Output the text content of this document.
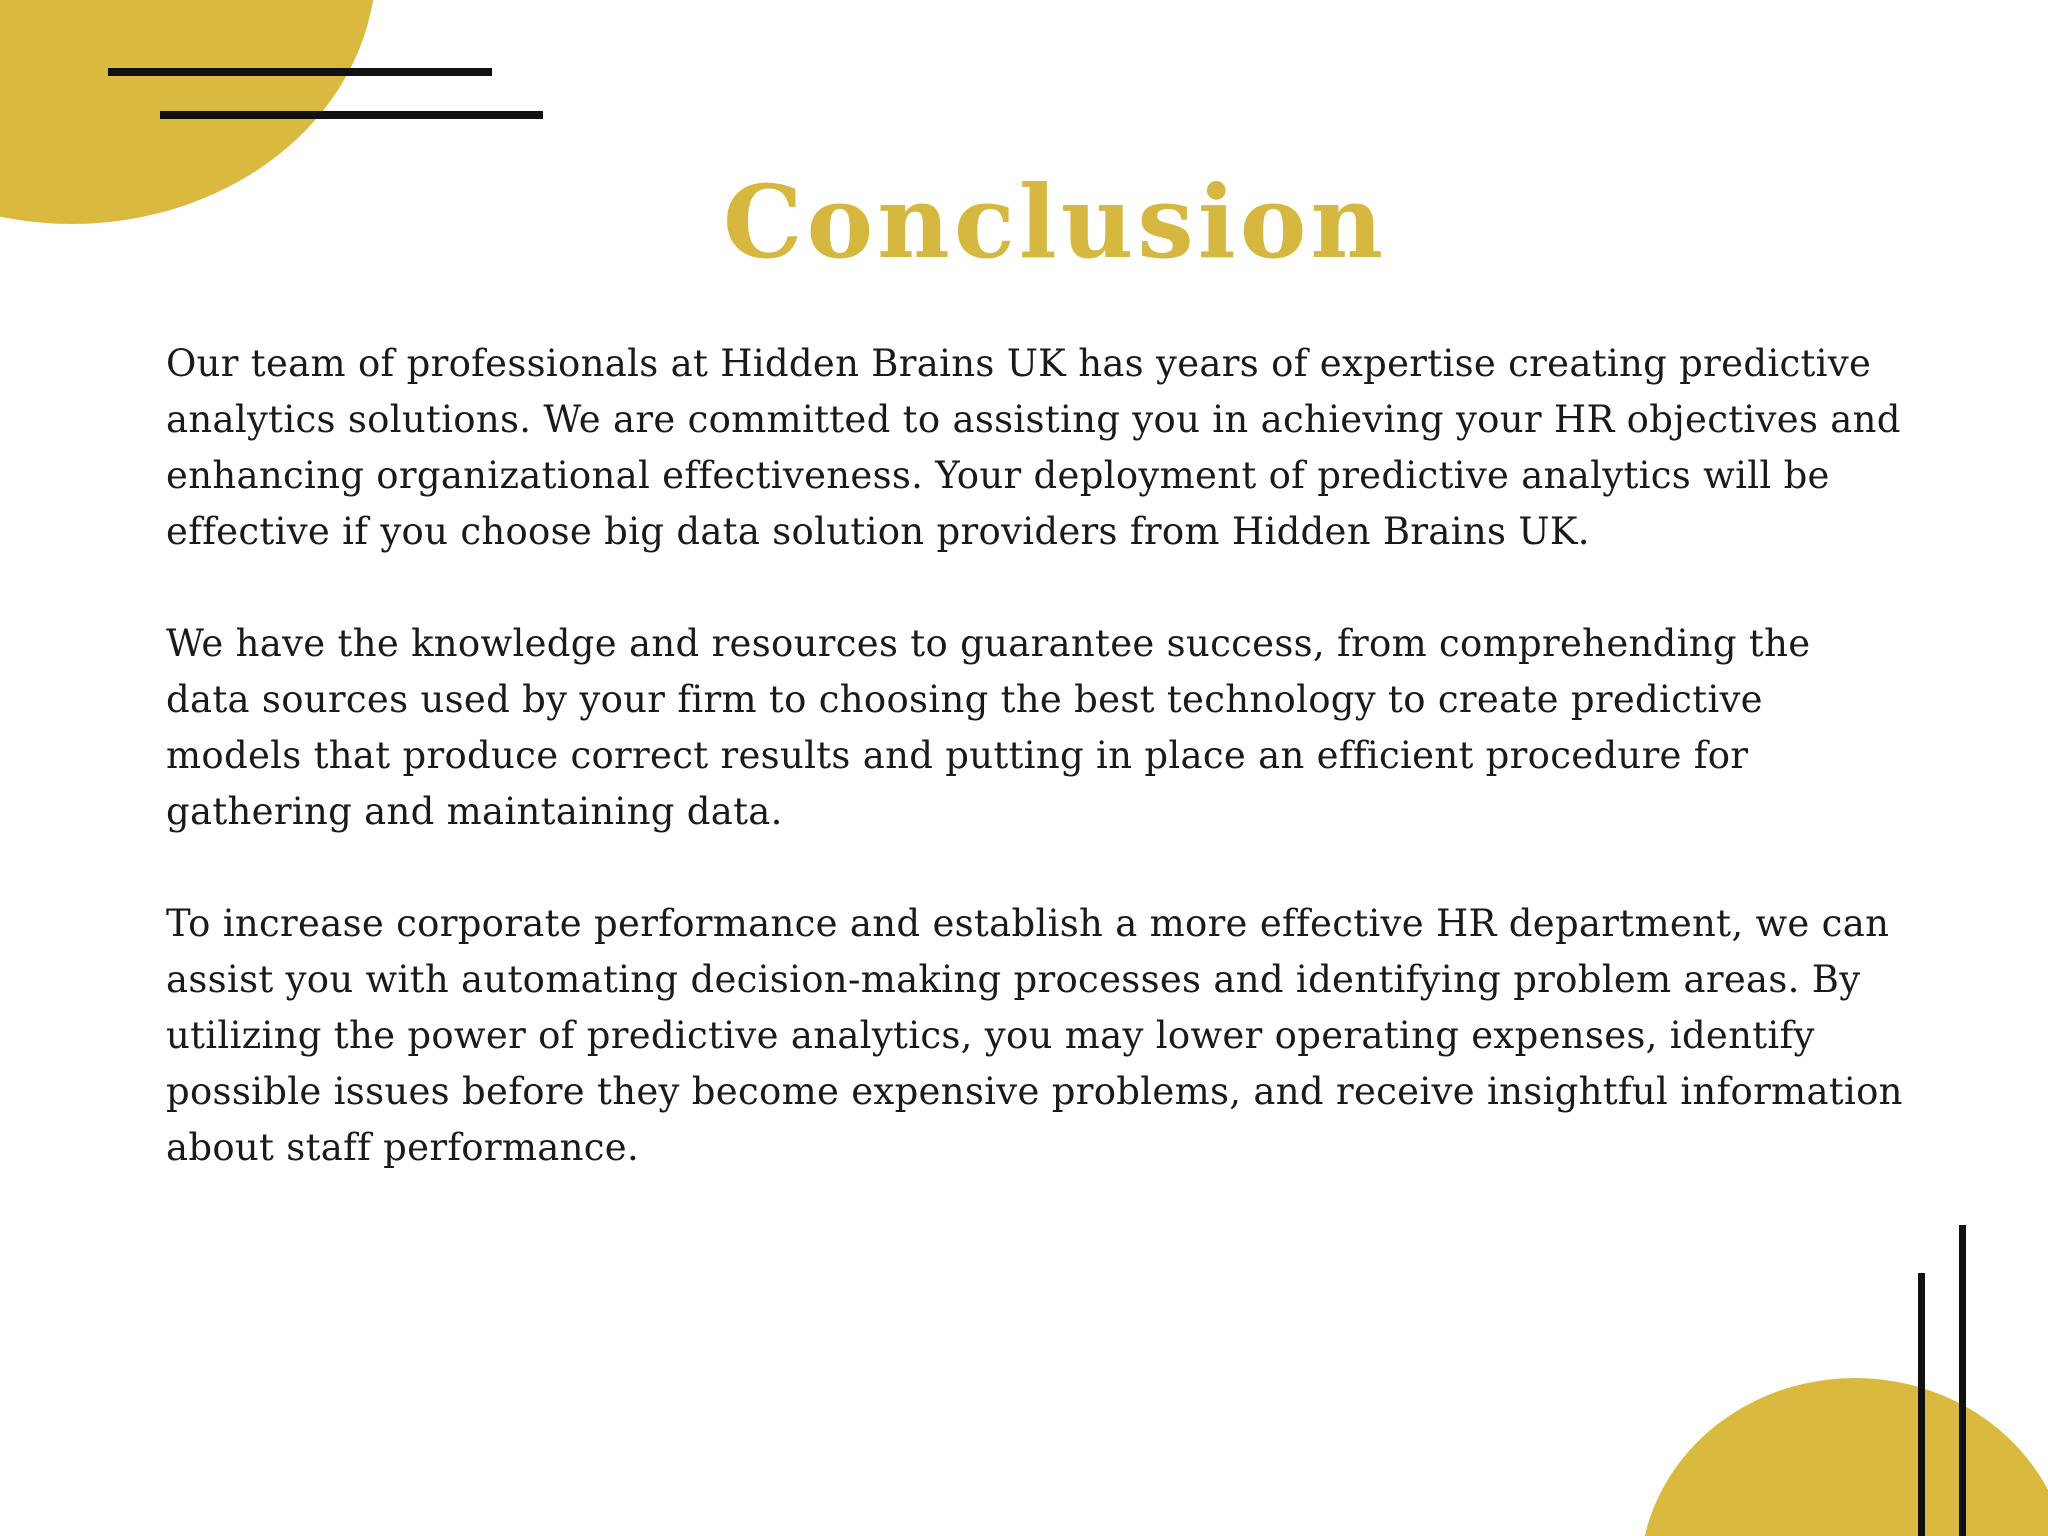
Conclusion

Our team of professionals at Hidden Brains UK has years of expertise creating predictive analytics solutions. We are committed to assisting you in achieving your HR objectives and enhancing organizational effectiveness. Your deployment of predictive analytics will be effective if you choose big data solution providers from Hidden Brains UK.

We have the knowledge and resources to guarantee success, from comprehending the data sources used by your firm to choosing the best technology to create predictive models that produce correct results and putting in place an efficient procedure for gathering and maintaining data.

To increase corporate performance and establish a more effective HR department, we can assist you with automating decision-making processes and identifying problem areas. By utilizing the power of predictive analytics, you may lower operating expenses, identify possible issues before they become expensive problems, and receive insightful information about staff performance.
